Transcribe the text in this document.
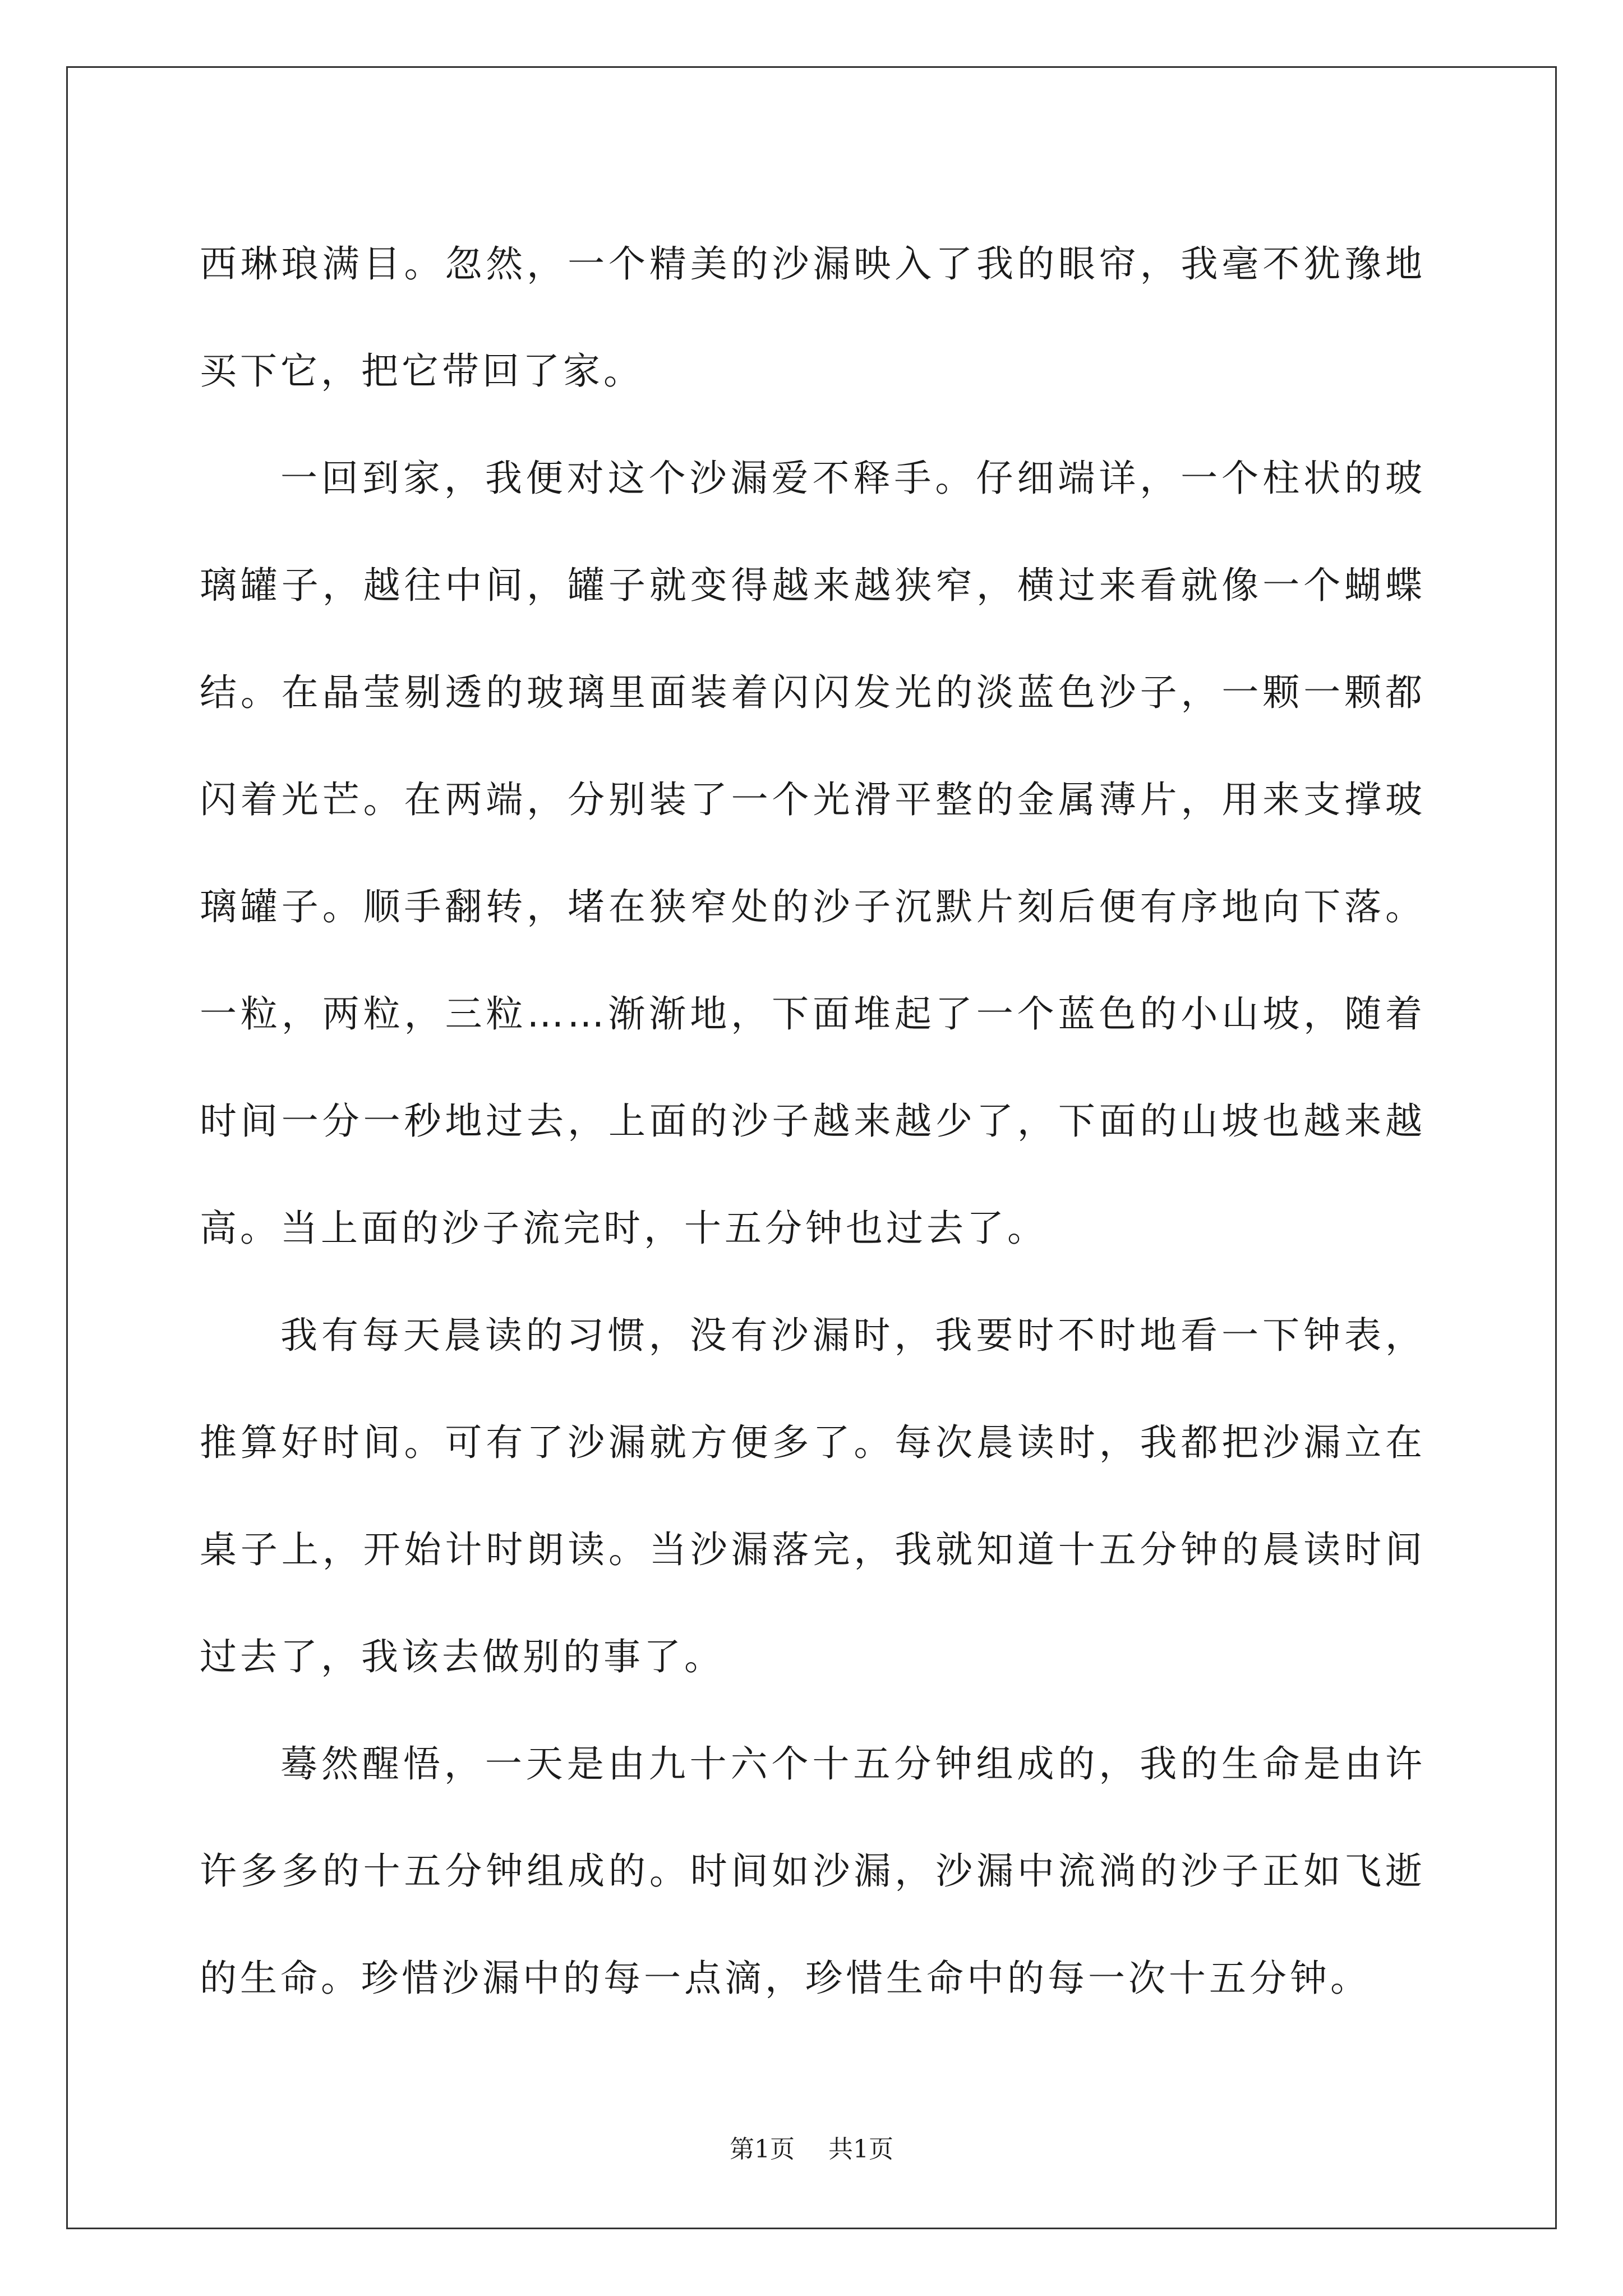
西琳琅满目。忽然，一个精美的沙漏映入了我的眼帘，我毫不犹豫地买下它，把它带回了家。

一回到家，我便对这个沙漏爱不释手。仔细端详，一个柱状的玻璃罐子，越往中间，罐子就变得越来越狭窄，横过来看就像一个蝴蝶结。在晶莹剔透的玻璃里面装着闪闪发光的淡蓝色沙子，一颗一颗都闪着光芒。在两端，分别装了一个光滑平整的金属薄片，用来支撑玻璃罐子。顺手翻转，堵在狭窄处的沙子沉默片刻后便有序地向下落。一粒，两粒，三粒……渐渐地，下面堆起了一个蓝色的小山坡，随着时间一分一秒地过去，上面的沙子越来越少了，下面的山坡也越来越高。当上面的沙子流完时，十五分钟也过去了。

我有每天晨读的习惯，没有沙漏时，我要时不时地看一下钟表，推算好时间。可有了沙漏就方便多了。每次晨读时，我都把沙漏立在桌子上，开始计时朗读。当沙漏落完，我就知道十五分钟的晨读时间过去了，我该去做别的事了。

蓦然醒悟，一天是由九十六个十五分钟组成的，我的生命是由许许多多的十五分钟组成的。时间如沙漏，沙漏中流淌的沙子正如飞逝的生命。珍惜沙漏中的每一点滴，珍惜生命中的每一次十五分钟。

第1页 共1页
